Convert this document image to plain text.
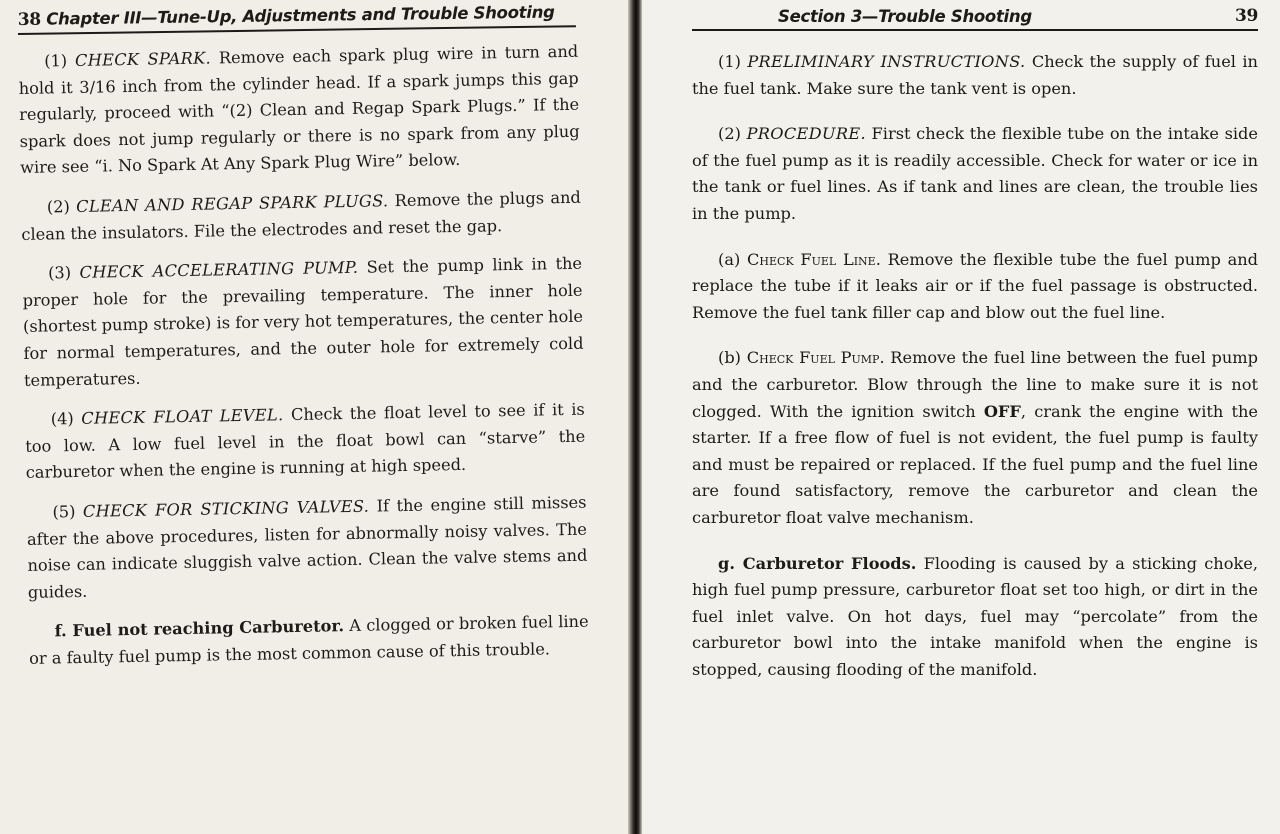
38 Chapter III—Tune-Up, Adjustments and Trouble Shooting

(1) CHECK SPARK. Remove each spark plug wire in turn and hold it 3/16 inch from the cylinder head. If a spark jumps this gap regularly, proceed with “(2) Clean and Regap Spark Plugs.” If the spark does not jump regularly or there is no spark from any plug wire see “i. No Spark At Any Spark Plug Wire” below.

(2) CLEAN AND REGAP SPARK PLUGS. Remove the plugs and clean the insulators. File the electrodes and reset the gap.

(3) CHECK ACCELERATING PUMP. Set the pump link in the proper hole for the prevailing temperature. The inner hole (shortest pump stroke) is for very hot temperatures, the center hole for normal temperatures, and the outer hole for extremely cold temperatures.

(4) CHECK FLOAT LEVEL. Check the float level to see if it is too low. A low fuel level in the float bowl can “starve” the carburetor when the engine is running at high speed.

(5) CHECK FOR STICKING VALVES. If the engine still misses after the above procedures, listen for abnormally noisy valves. The noise can indicate sluggish valve action. Clean the valve stems and guides.

f. Fuel not reaching Carburetor. A clogged or broken fuel line or a faulty fuel pump is the most common cause of this trouble.

Section 3—Trouble Shooting	39

(1) PRELIMINARY INSTRUCTIONS. Check the supply of fuel in the fuel tank. Make sure the tank vent is open.

(2) PROCEDURE. First check the flexible tube on the intake side of the fuel pump as it is readily accessible. Check for water or ice in the tank or fuel lines. As if tank and lines are clean, the trouble lies in the pump.

(a) Check Fuel Line. Remove the flexible tube the fuel pump and replace the tube if it leaks air or if the fuel passage is obstructed. Remove the fuel tank filler cap and blow out the fuel line.

(b) Check Fuel Pump. Remove the fuel line between the fuel pump and the carburetor. Blow through the line to make sure it is not clogged. With the ignition switch OFF, crank the engine with the starter. If a free flow of fuel is not evident, the fuel pump is faulty and must be repaired or replaced. If the fuel pump and the fuel line are found satisfactory, remove the carburetor and clean the carburetor float valve mechanism.

g. Carburetor Floods. Flooding is caused by a sticking choke, high fuel pump pressure, carburetor float set too high, or dirt in the fuel inlet valve. On hot days, fuel may “percolate” from the carburetor bowl into the intake manifold when the engine is stopped, causing flooding of the manifold.
